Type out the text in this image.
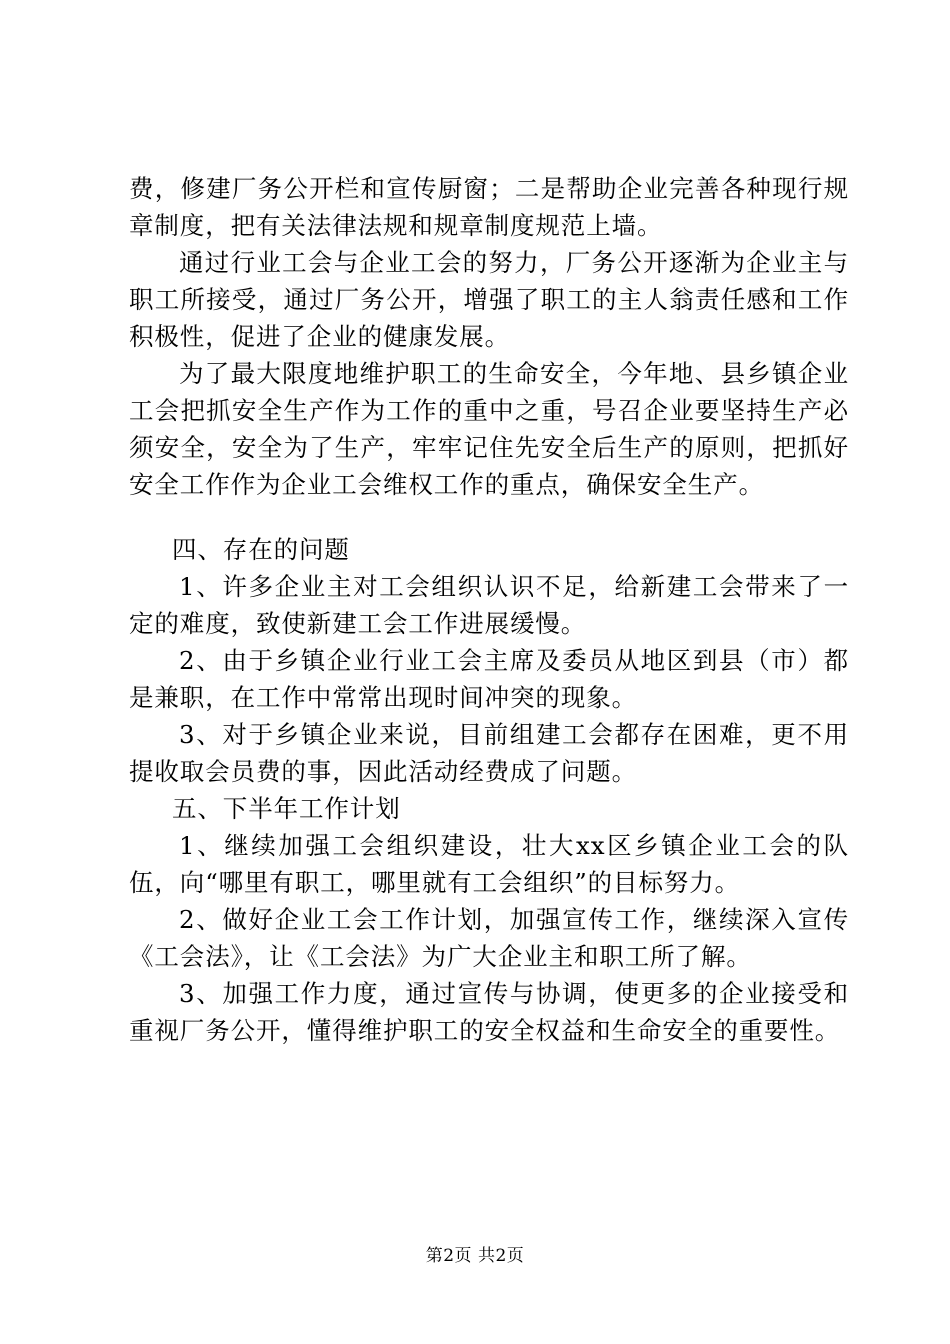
费，修建厂务公开栏和宣传厨窗；二是帮助企业完善各种现行规章制度，把有关法律法规和规章制度规范上墙。

通过行业工会与企业工会的努力，厂务公开逐渐为企业主与职工所接受，通过厂务公开，增强了职工的主人翁责任感和工作积极性，促进了企业的健康发展。

为了最大限度地维护职工的生命安全，今年地、县乡镇企业工会把抓安全生产作为工作的重中之重，号召企业要坚持生产必须安全，安全为了生产，牢牢记住先安全后生产的原则，把抓好安全工作作为企业工会维权工作的重点，确保安全生产。

四、存在的问题

1、许多企业主对工会组织认识不足，给新建工会带来了一定的难度，致使新建工会工作进展缓慢。

2、由于乡镇企业行业工会主席及委员从地区到县（市）都是兼职，在工作中常常出现时间冲突的现象。

3、对于乡镇企业来说，目前组建工会都存在困难，更不用提收取会员费的事，因此活动经费成了问题。

五、下半年工作计划

1、继续加强工会组织建设，壮大xx区乡镇企业工会的队伍，向“哪里有职工，哪里就有工会组织”的目标努力。

2、做好企业工会工作计划，加强宣传工作，继续深入宣传《工会法》，让《工会法》为广大企业主和职工所了解。

3、加强工作力度，通过宣传与协调，使更多的企业接受和重视厂务公开，懂得维护职工的安全权益和生命安全的重要性。

第2页 共2页
